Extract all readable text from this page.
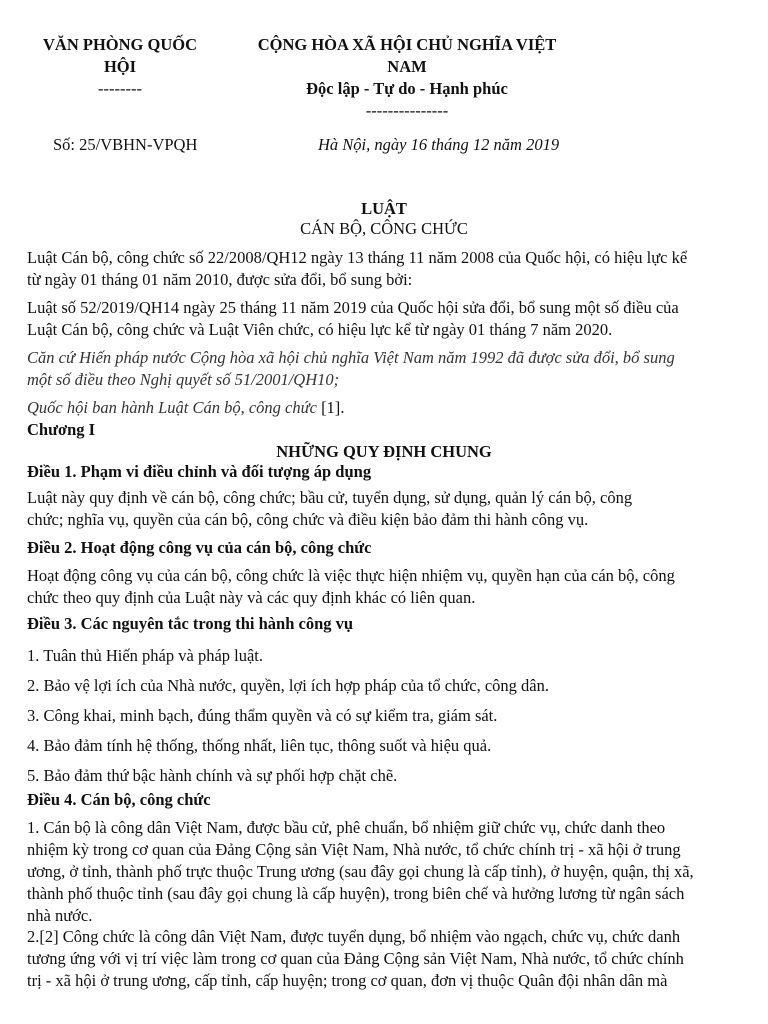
VĂN PHÒNG QUỐC
HỘI
--------
CỘNG HÒA XÃ HỘI CHỦ NGHĨA VIỆT
NAM
Độc lập - Tự do - Hạnh phúc
---------------
Số: 25/VBHN-VPQH	Hà Nội, ngày 16 tháng 12 năm 2019
LUẬT
CÁN BỘ, CÔNG CHỨC
Luật Cán bộ, công chức số 22/2008/QH12 ngày 13 tháng 11 năm 2008 của Quốc hội, có hiệu lực kể
từ ngày 01 tháng 01 năm 2010, được sửa đổi, bổ sung bởi:
Luật số 52/2019/QH14 ngày 25 tháng 11 năm 2019 của Quốc hội sửa đổi, bổ sung một số điều của
Luật Cán bộ, công chức và Luật Viên chức, có hiệu lực kể từ ngày 01 tháng 7 năm 2020.
Căn cứ Hiến pháp nước Cộng hòa xã hội chủ nghĩa Việt Nam năm 1992 đã được sửa đổi, bổ sung
một số điều theo Nghị quyết số 51/2001/QH10;
Quốc hội ban hành Luật Cán bộ, công chức [1].
Chương I
NHỮNG QUY ĐỊNH CHUNG
Điều 1. Phạm vi điều chỉnh và đối tượng áp dụng
Luật này quy định về cán bộ, công chức; bầu cử, tuyển dụng, sử dụng, quản lý cán bộ, công
chức; nghĩa vụ, quyền của cán bộ, công chức và điều kiện bảo đảm thi hành công vụ.
Điều 2. Hoạt động công vụ của cán bộ, công chức
Hoạt động công vụ của cán bộ, công chức là việc thực hiện nhiệm vụ, quyền hạn của cán bộ, công
chức theo quy định của Luật này và các quy định khác có liên quan.
Điều 3. Các nguyên tắc trong thi hành công vụ
1. Tuân thủ Hiến pháp và pháp luật.
2. Bảo vệ lợi ích của Nhà nước, quyền, lợi ích hợp pháp của tổ chức, công dân.
3. Công khai, minh bạch, đúng thẩm quyền và có sự kiểm tra, giám sát.
4. Bảo đảm tính hệ thống, thống nhất, liên tục, thông suốt và hiệu quả.
5. Bảo đảm thứ bậc hành chính và sự phối hợp chặt chẽ.
Điều 4. Cán bộ, công chức
1. Cán bộ là công dân Việt Nam, được bầu cử, phê chuẩn, bổ nhiệm giữ chức vụ, chức danh theo
nhiệm kỳ trong cơ quan của Đảng Cộng sản Việt Nam, Nhà nước, tổ chức chính trị - xã hội ở trung
ương, ở tỉnh, thành phố trực thuộc Trung ương (sau đây gọi chung là cấp tỉnh), ở huyện, quận, thị xã,
thành phố thuộc tỉnh (sau đây gọi chung là cấp huyện), trong biên chế và hưởng lương từ ngân sách
nhà nước.
2.[2] Công chức là công dân Việt Nam, được tuyển dụng, bổ nhiệm vào ngạch, chức vụ, chức danh
tương ứng với vị trí việc làm trong cơ quan của Đảng Cộng sản Việt Nam, Nhà nước, tổ chức chính
trị - xã hội ở trung ương, cấp tỉnh, cấp huyện; trong cơ quan, đơn vị thuộc Quân đội nhân dân mà
